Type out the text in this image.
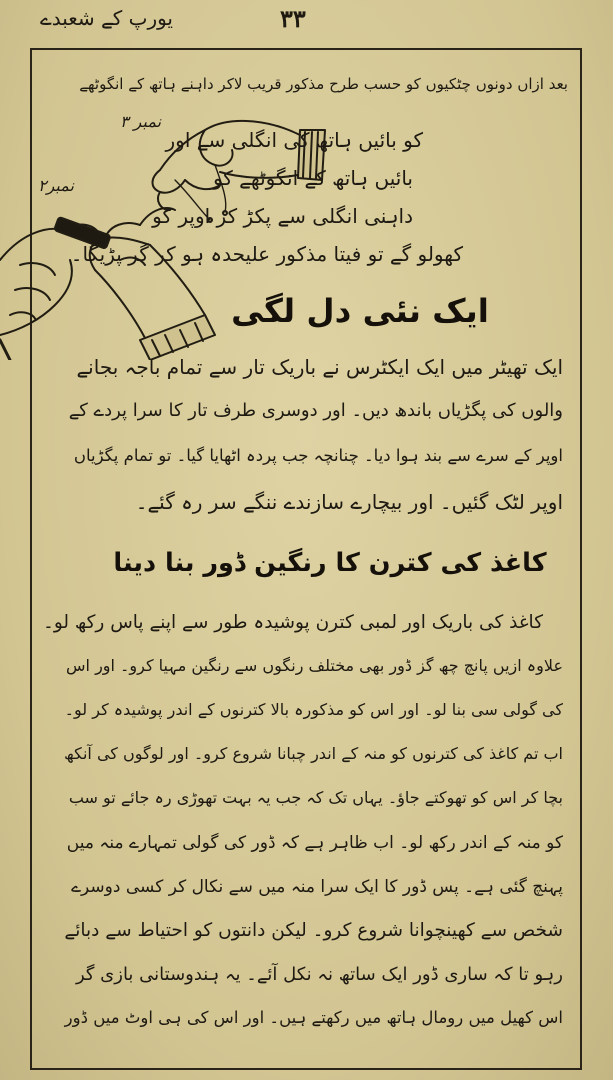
یورپ کے شعبدے	۳۳
نمبر ۳
نمبر۲
بعد ازاں دونوں چٹکیوں کو حسب طرح مذکور قریب لاکر داہنے ہاتھ کے انگوٹھے
کو بائیں ہاتھ کی انگلی سے اور
بائیں ہاتھ کے انگوٹھے کو
داہنی انگلی سے پکڑ کر اوپر کو
کھولو گے تو فیتا مذکور علیحدہ ہو کر گر پڑیگا۔
ایک نئی دل لگی
ایک تھیٹر میں ایک ایکٹرس نے باریک تار سے تمام باجہ بجانے
والوں کی پگڑیاں باندھ دیں۔ اور دوسری طرف تار کا سرا پردے کے
اوپر کے سرے سے بند ہوا دیا۔ چنانچہ جب پردہ اٹھایا گیا۔ تو تمام پگڑیاں
اوپر لٹک گئیں۔ اور بیچارے سازندے ننگے سر رہ گئے۔
کاغذ کی کترن کا رنگین ڈور بنا دینا
کاغذ کی باریک اور لمبی کترن پوشیدہ طور سے اپنے پاس رکھ لو۔
علاوہ ازیں پانچ چھ گز ڈور بھی مختلف رنگوں سے رنگین مہیا کرو۔ اور اس
کی گولی سی بنا لو۔ اور اس کو مذکورہ بالا کترنوں کے اندر پوشیدہ کر لو۔
اب تم کاغذ کی کترنوں کو منہ کے اندر چبانا شروع کرو۔ اور لوگوں کی آنکھ
بچا کر اس کو تھوکتے جاؤ۔ یہاں تک کہ جب یہ بہت تھوڑی رہ جائے تو سب
کو منہ کے اندر رکھ لو۔ اب ظاہر ہے کہ ڈور کی گولی تمہارے منہ میں
پہنچ گئی ہے۔ پس ڈور کا ایک سرا منہ میں سے نکال کر کسی دوسرے
شخص سے کھینچوانا شروع کرو۔ لیکن دانتوں کو احتیاط سے دبائے
رہو تا کہ ساری ڈور ایک ساتھ نہ نکل آئے۔ یہ ہندوستانی بازی گر
اس کھیل میں رومال ہاتھ میں رکھتے ہیں۔ اور اس کی ہی اوٹ میں ڈور
